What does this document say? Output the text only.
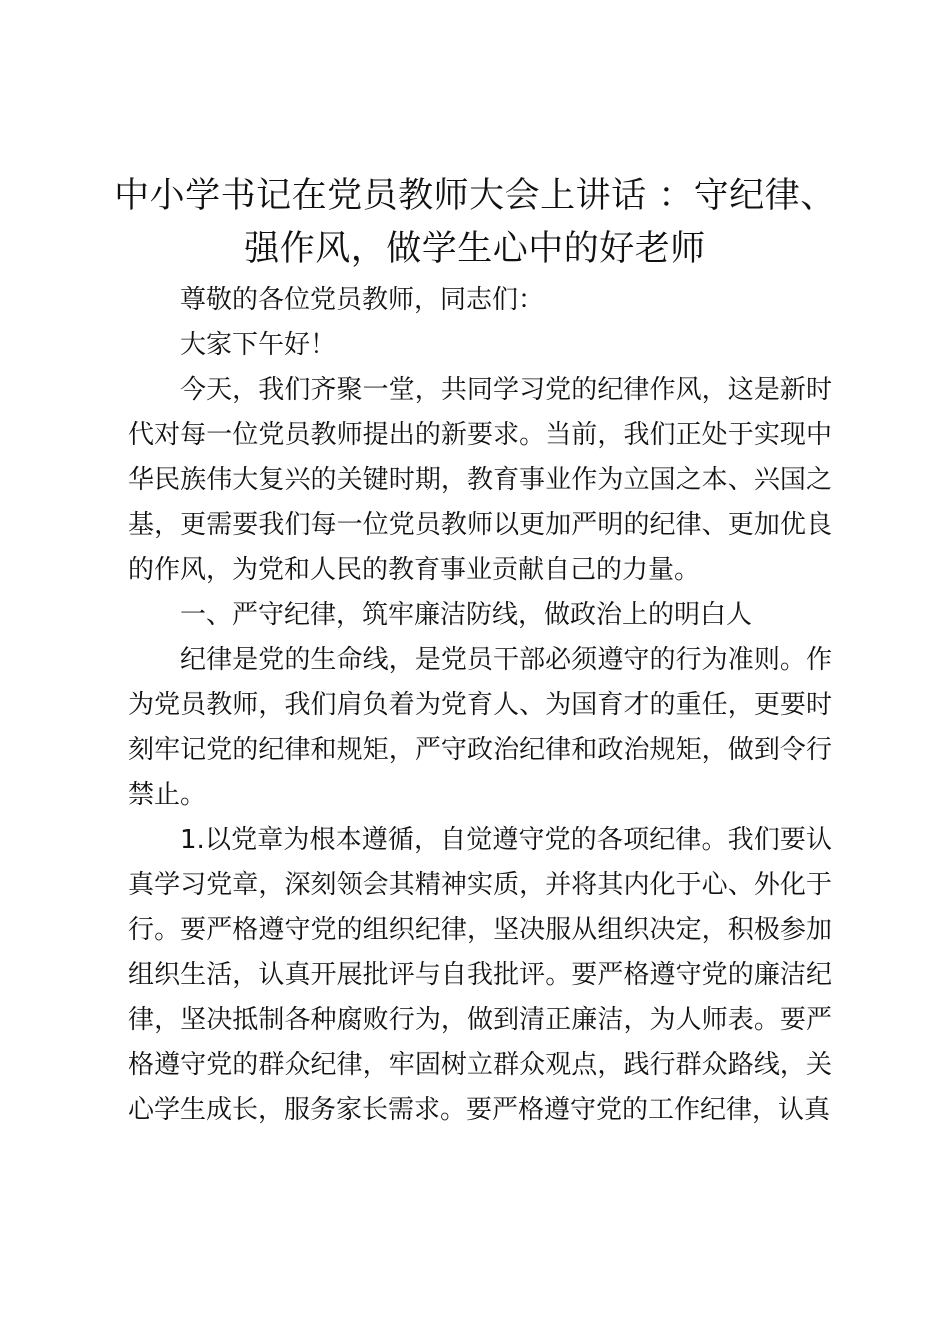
中小学书记在党员教师大会上讲话 ：守纪律、
强作风，做学生心中的好老师

尊敬的各位党员教师，同志们：

大家下午好！

今天，我们齐聚一堂，共同学习党的纪律作风，这是新时代对每一位党员教师提出的新要求。当前，我们正处于实现中华民族伟大复兴的关键时期，教育事业作为立国之本、兴国之基，更需要我们每一位党员教师以更加严明的纪律、更加优良的作风，为党和人民的教育事业贡献自己的力量。

一、严守纪律，筑牢廉洁防线，做政治上的明白人

纪律是党的生命线，是党员干部必须遵守的行为准则。作为党员教师，我们肩负着为党育人、为国育才的重任，更要时刻牢记党的纪律和规矩，严守政治纪律和政治规矩，做到令行禁止。

1.以党章为根本遵循，自觉遵守党的各项纪律。我们要认真学习党章，深刻领会其精神实质，并将其内化于心、外化于行。要严格遵守党的组织纪律，坚决服从组织决定，积极参加组织生活，认真开展批评与自我批评。要严格遵守党的廉洁纪律，坚决抵制各种腐败行为，做到清正廉洁，为人师表。要严格遵守党的群众纪律，牢固树立群众观点，践行群众路线，关心学生成长，服务家长需求。要严格遵守党的工作纪律，认真
